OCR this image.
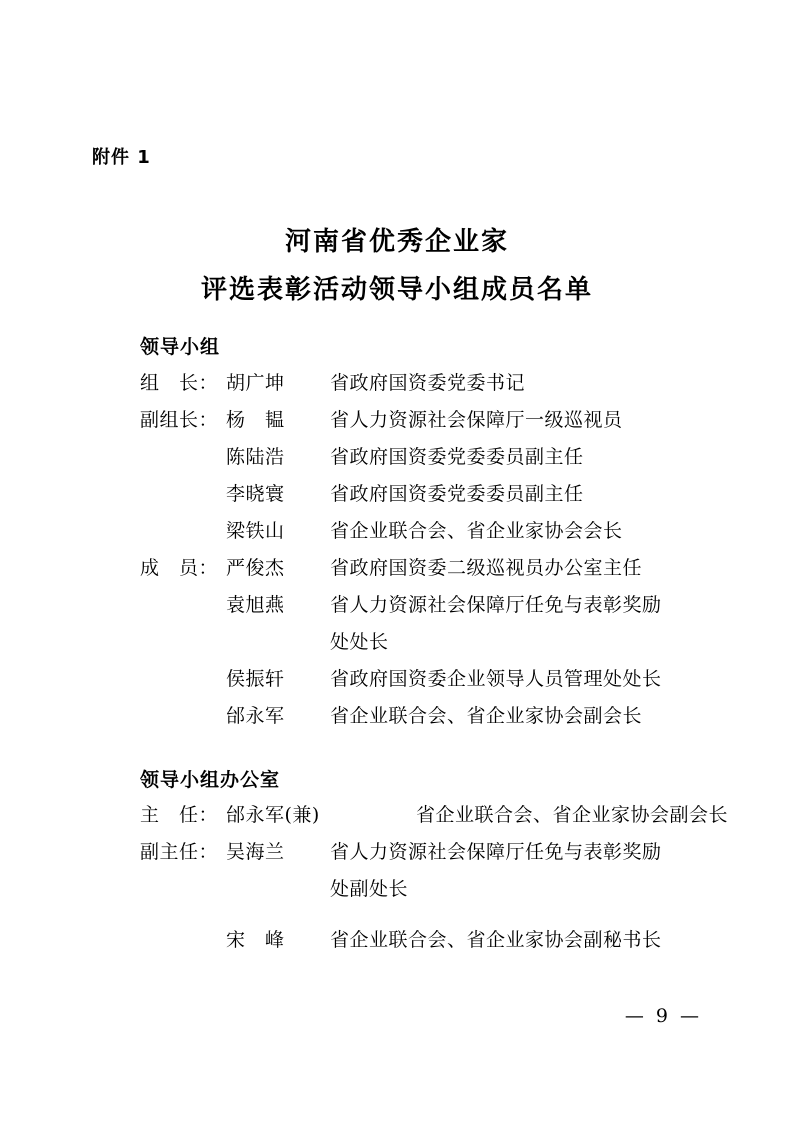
附件 1
河南省优秀企业家
评选表彰活动领导小组成员名单
领导小组
组　长： 胡广坤	省政府国资委党委书记
副组长： 杨　韫	省人力资源社会保障厅一级巡视员
陈陆浩	省政府国资委党委委员副主任
李晓寰	省政府国资委党委委员副主任
梁铁山	省企业联合会、省企业家协会会长
成　员： 严俊杰	省政府国资委二级巡视员办公室主任
袁旭燕	省人力资源社会保障厅任免与表彰奖励
处处长
侯振轩	省政府国资委企业领导人员管理处处长
邰永军	省企业联合会、省企业家协会副会长
领导小组办公室
主　任： 邰永军(兼)	省企业联合会、省企业家协会副会长
副主任： 吴海兰	省人力资源社会保障厅任免与表彰奖励
处副处长
宋　峰	省企业联合会、省企业家协会副秘书长
— 9 —
